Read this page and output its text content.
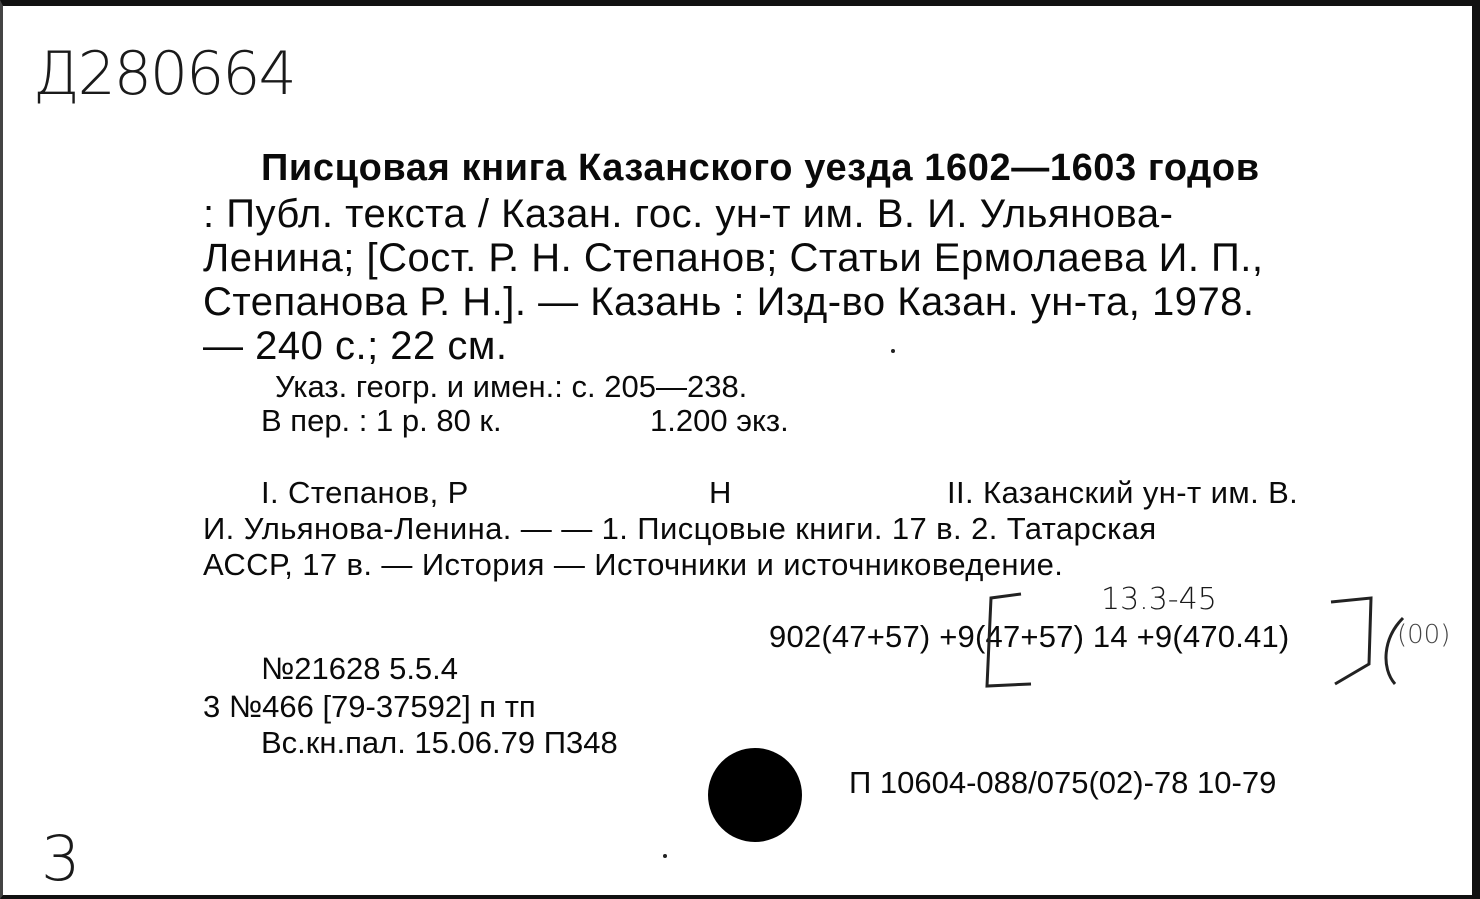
Д280664
Писцовая книга Казанского уезда 1602—1603 годов
: Публ. текста / Казан. гос. ун-т им. В. И. Ульянова-
Ленина; [Сост. Р. Н. Степанов; Статьи Ермолаева И. П.,
Степанова Р. Н.]. — Казань : Изд-во Казан. ун-та, 1978.
— 240 с.; 22 см.
Указ. геогр. и имен.: с. 205—238.
В пер. : 1 р. 80 к.	1.200 экз.
I. Степанов, Р	Н	II. Казанский ун-т им. В.
И. Ульянова-Ленина. — — 1. Писцовые книги. 17 в. 2. Татарская
АССР, 17 в. — История — Источники и источниковедение.
13.3-45
902(47+57) +9(47+57) 14 +9(470.41)	(00)
№21628 5.5.4
3 №466 [79-37592] п тп
Вс.кн.пал. 15.06.79 П348
П 10604-088/075(02)-78 10-79
3
